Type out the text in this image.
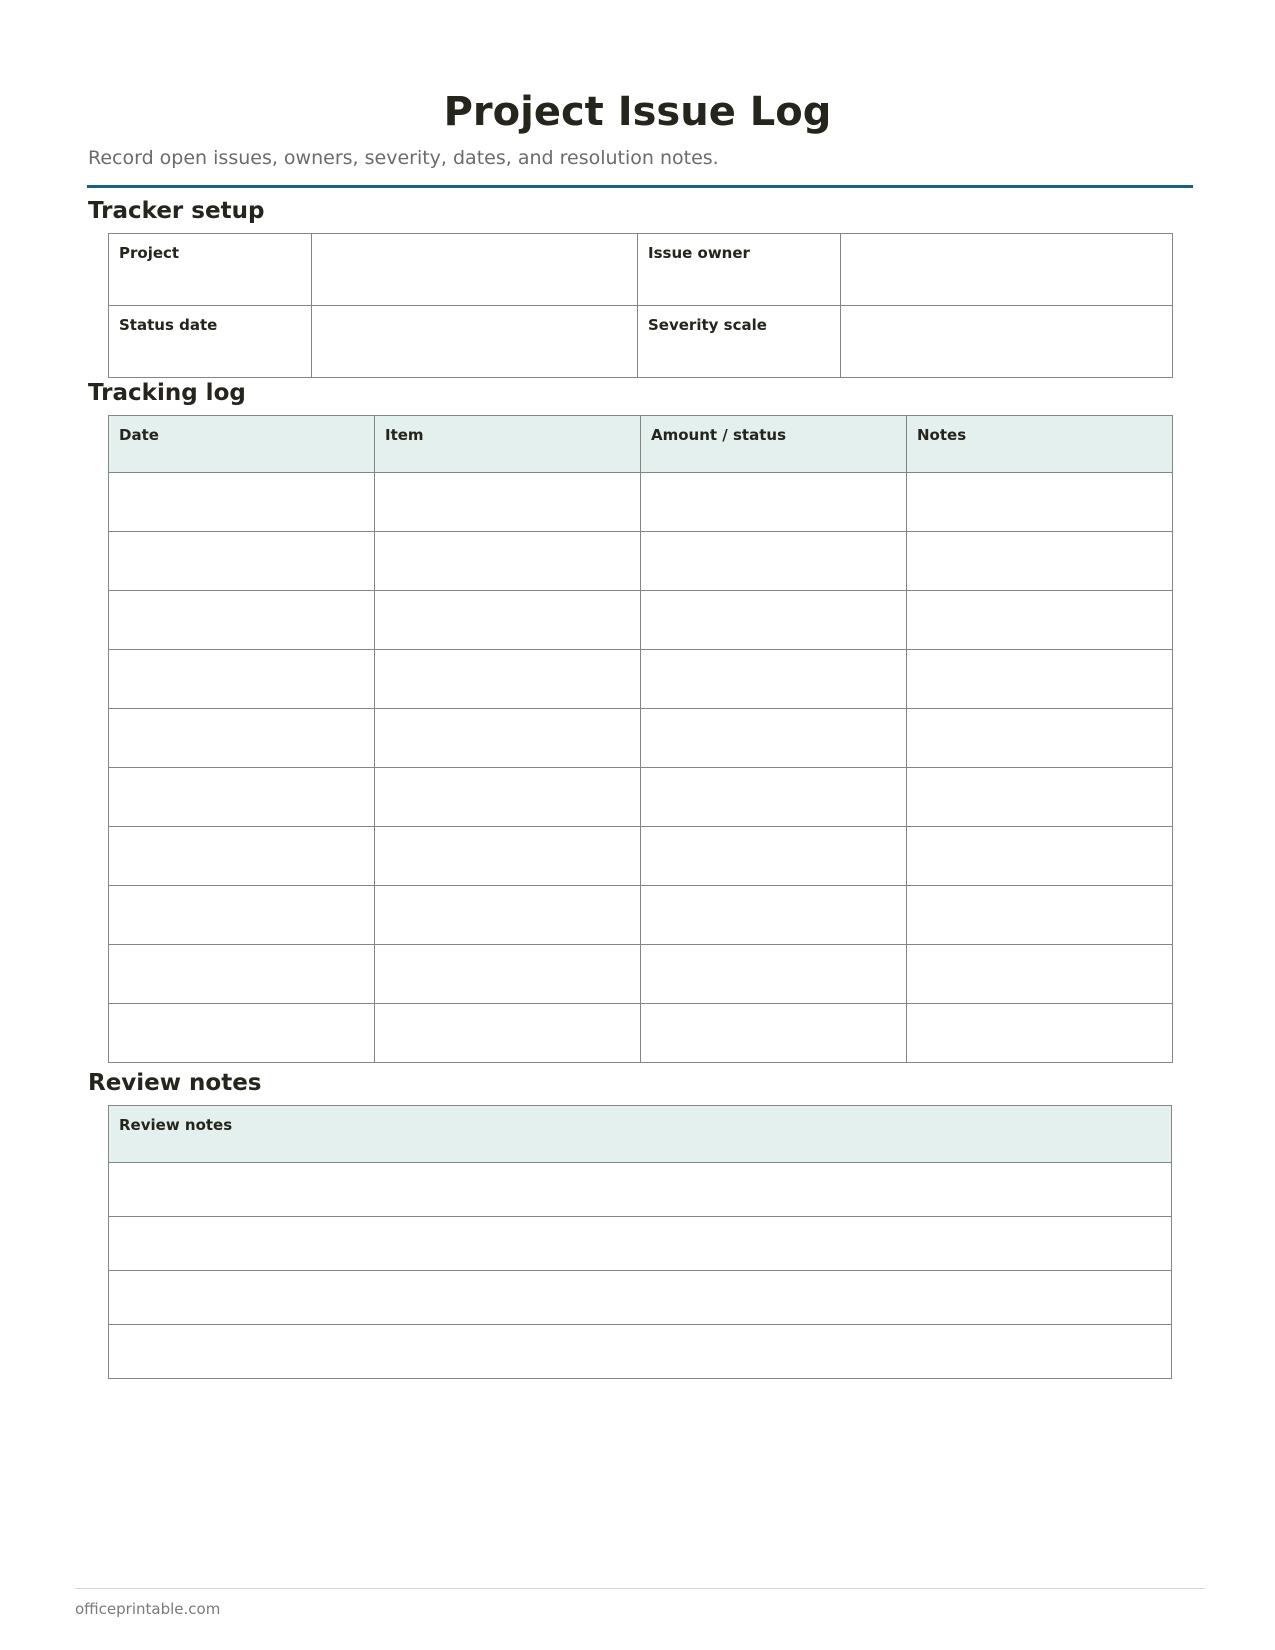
Project Issue Log

Record open issues, owners, severity, dates, and resolution notes.

Tracker setup
Project		Issue owner	
Status date		Severity scale	
Tracking log
Date	Item	Amount / status	Notes

Review notes
Review notes

officeprintable.com
